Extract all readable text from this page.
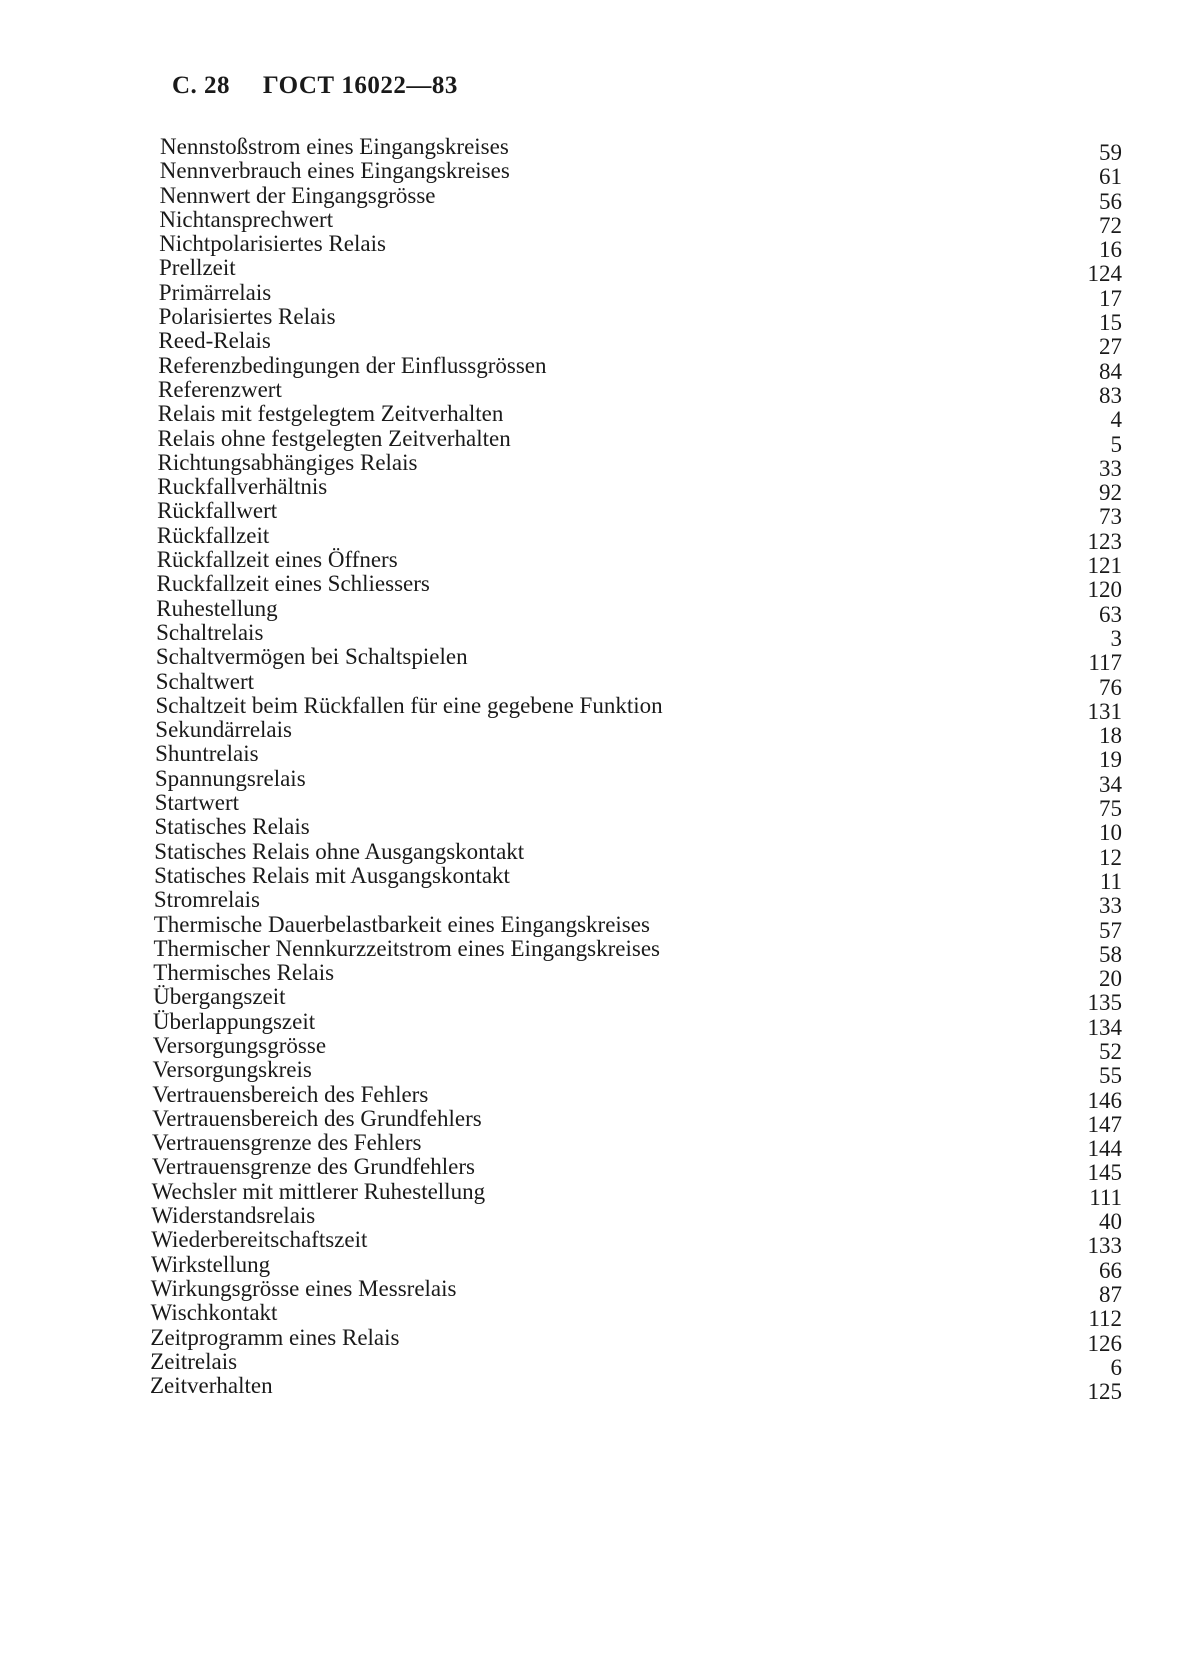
С. 28 ГОСТ 16022—83
Nennstoßstrom eines Eingangskreises	59
Nennverbrauch eines Eingangskreises	61
Nennwert der Eingangsgrösse	56
Nichtansprechwert	72
Nichtpolarisiertes Relais	16
Prellzeit	124
Primärrelais	17
Polarisiertes Relais	15
Reed-Relais	27
Referenzbedingungen der Einflussgrössen	84
Referenzwert	83
Relais mit festgelegtem Zeitverhalten	4
Relais ohne festgelegten Zeitverhalten	5
Richtungsabhängiges Relais	33
Ruckfallverhältnis	92
Rückfallwert	73
Rückfallzeit	123
Rückfallzeit eines Öffners	121
Ruckfallzeit eines Schliessers	120
Ruhestellung	63
Schaltrelais	3
Schaltvermögen bei Schaltspielen	117
Schaltwert	76
Schaltzeit beim Rückfallen für eine gegebene Funktion	131
Sekundärrelais	18
Shuntrelais	19
Spannungsrelais	34
Startwert	75
Statisches Relais	10
Statisches Relais ohne Ausgangskontakt	12
Statisches Relais mit Ausgangskontakt	11
Stromrelais	33
Thermische Dauerbelastbarkeit eines Eingangskreises	57
Thermischer Nennkurzzeitstrom eines Eingangskreises	58
Thermisches Relais	20
Übergangszeit	135
Überlappungszeit	134
Versorgungsgrösse	52
Versorgungskreis	55
Vertrauensbereich des Fehlers	146
Vertrauensbereich des Grundfehlers	147
Vertrauensgrenze des Fehlers	144
Vertrauensgrenze des Grundfehlers	145
Wechsler mit mittlerer Ruhestellung	111
Widerstandsrelais	40
Wiederbereitschaftszeit	133
Wirkstellung	66
Wirkungsgrösse eines Messrelais	87
Wischkontakt	112
Zeitprogramm eines Relais	126
Zeitrelais	6
Zeitverhalten	125
